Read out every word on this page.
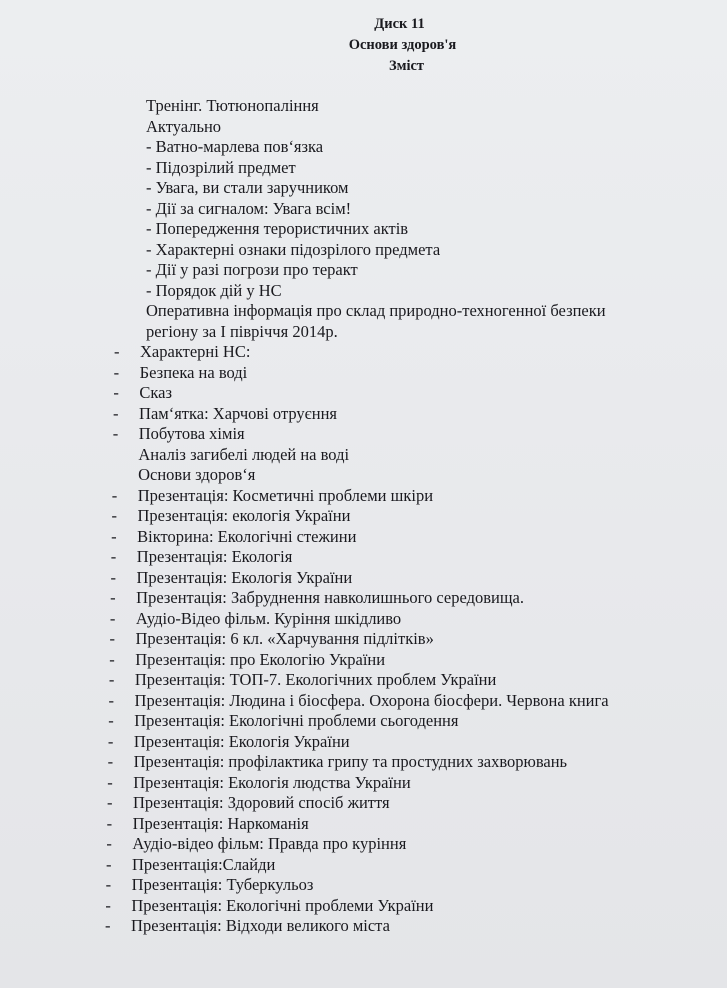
Диск 11
Основи здоров'я
Зміст
Тренінг. Тютюнопаління
Актуально
- Ватно-марлева пов‘язка
- Підозрілий предмет
- Увага, ви стали заручником
- Дії за сигналом: Увага всім!
- Попередження терористичних актів
- Характерні ознаки підозрілого предмета
- Дії у разі погрози про теракт
- Порядок дій у НС
Оперативна інформація про склад природно-техногенної безпеки
регіону за І півріччя 2014р.
- Характерні НС:
- Безпека на воді
- Сказ
- Пам‘ятка: Харчові отруєння
- Побутова хімія
Аналіз загибелі людей на воді
Основи здоров‘я
- Презентація: Косметичні проблеми шкіри
- Презентація: екологія України
- Вікторина: Екологічні стежини
- Презентація: Екологія
- Презентація: Екологія України
- Презентація: Забруднення навколишнього середовища.
- Аудіо-Відео фільм. Куріння шкідливо
- Презентація: 6 кл. «Харчування підлітків»
- Презентація: про Екологію України
- Презентація: ТОП-7. Екологічних проблем України
- Презентація: Людина і біосфера. Охорона біосфери. Червона книга
- Презентація: Екологічні проблеми сьогодення
- Презентація: Екологія України
- Презентація: профілактика грипу та простудних захворювань
- Презентація: Екологія людства України
- Презентація: Здоровий спосіб життя
- Презентація: Наркоманія
- Аудіо-відео фільм: Правда про куріння
- Презентація:Слайди
- Презентація: Туберкульоз
- Презентація: Екологічні проблеми України
- Презентація: Відходи великого міста
